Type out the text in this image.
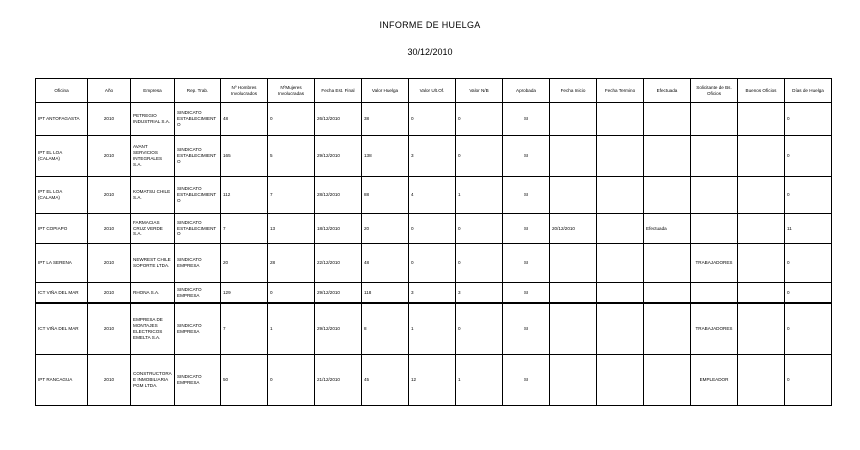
INFORME DE HUELGA
30/12/2010
Oficina	Año	Empresa	Rep. Trab.	Nº Hombres Involucrados	NºMujeres Involucradas	Fecha Est. Final	Valor Huelga	Valor Ult.Of.	Valor N/B	Aprobada	Fecha Inicio	Fecha Termino	Efectuada	Solicitante de Bs. Oficios	Buenos Oficios	Días de Huelga
IPT ANTOFAGASTA	2010	PETREGIO INDUSTRIAL S.A.	SINDICATO ESTABLECIMIENTO	48	0	26/12/2010	38	0	0	SI						0
IPT EL LOA (CALAMA)	2010	AVANT SERVICIOS INTEGRALES S.A.	SINDICATO ESTABLECIMIENTO	165	5	29/12/2010	138	3	0	SI						0
IPT EL LOA (CALAMA)	2010	KOMATSU CHILE S.A.	SINDICATO ESTABLECIMIENTO	112	7	28/12/2010	88	4	1	SI						0
IPT COPIAPO	2010	FARMACIAS CRUZ VERDE S.A.	SINDICATO ESTABLECIMIENTO	7	13	18/12/2010	20	0	0	SI	20/12/2010		Efectuada			11
IPT LA SERENA	2010	NEWREST CHILE SOPORTE LTDA.	SINDICATO EMPRESA	20	28	22/12/2010	48	0	0	SI				TRABAJADORES		0
ICT VIÑA DEL MAR	2010	RHONA S.A.	SINDICATO EMPRESA	129	0	29/12/2010	118	3	3	SI						0
ICT VIÑA DEL MAR	2010	EMPRESA DE MONTAJES ELECTRICOS EMELTA S.A.	SINDICATO EMPRESA	7	1	29/12/2010	8	1	0	SI				TRABAJADORES		0
IPT RANCAGUA	2010	CONSTRUCTORA E INMOBILIARIA PGM LTDA.	SINDICATO EMPRESA	50	0	21/12/2010	45	12	1	SI				EMPLEADOR		0
